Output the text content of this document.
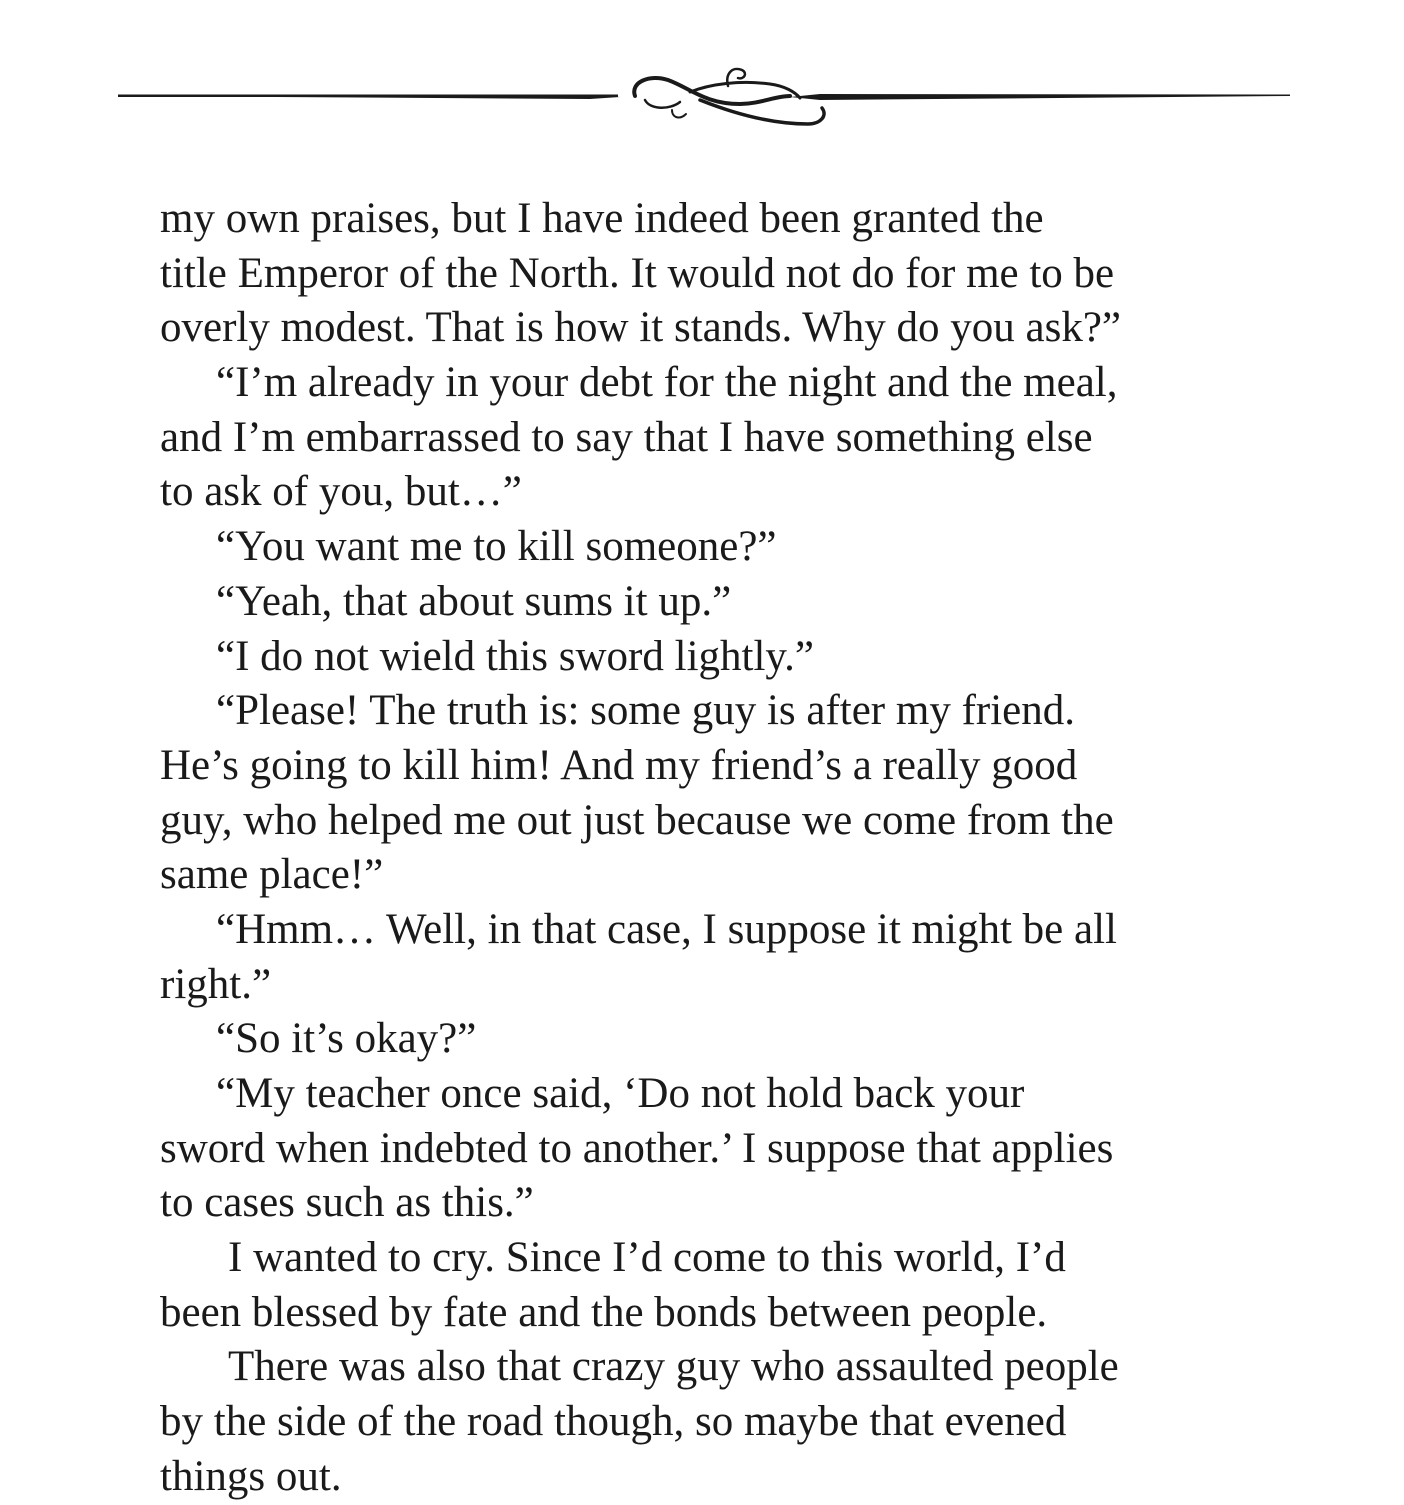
my own praises, but I have indeed been granted the
title Emperor of the North. It would not do for me to be
overly modest. That is how it stands. Why do you ask?”
“I’m already in your debt for the night and the meal,
and I’m embarrassed to say that I have something else
to ask of you, but…”
“You want me to kill someone?”
“Yeah, that about sums it up.”
“I do not wield this sword lightly.”
“Please! The truth is: some guy is after my friend.
He’s going to kill him! And my friend’s a really good
guy, who helped me out just because we come from the
same place!”
“Hmm… Well, in that case, I suppose it might be all
right.”
“So it’s okay?”
“My teacher once said, ‘Do not hold back your
sword when indebted to another.’ I suppose that applies
to cases such as this.”
I wanted to cry. Since I’d come to this world, I’d
been blessed by fate and the bonds between people.
There was also that crazy guy who assaulted people
by the side of the road though, so maybe that evened
things out.
